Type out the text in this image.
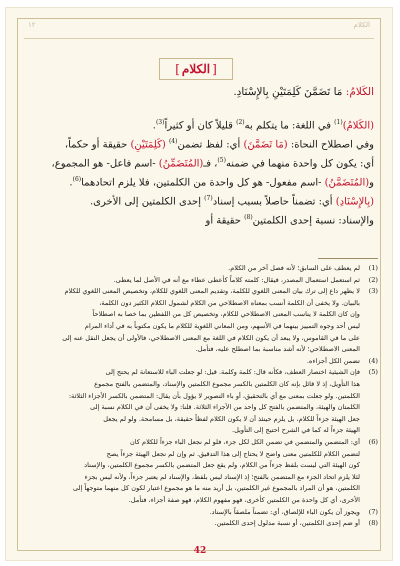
الكلام
١٢
[ الكلام ]
الكَلامُ: مَا تَضَمَّنَ كَلِمَتَيْنِ بِالإِسْنَادِ.
(الكَلامُ)$^{(1)}$ في اللغة: ما يتكلم به$^{(2)}$ قليلاً كان أو كثيراً$^{(3)}$.
وفي اصطلاح النحاة: (مَا تَضَمَّنَ) أي: لفظ تضمن$^{(4)}$ (كَلِمَتَيْنِ) حقيقة أو حكماً،
أي: يكون كل واحدة منهما في ضمنه$^{(5)}$، فـ(المُتَضَمِّنُ) -اسم فاعل- هو المجموع،
و(المُتَضَمَّنُ) -اسم مفعول- هو كل واحدة من الكلمتين، فلا يلزم اتحادهما$^{(6)}$.
(بِالإِسْنَادِ) أي: تضمناً حاصلاً بسبب إسناد$^{(7)}$ إحدى الكلمتين إلى الأخرى.
والإسناد: نسبة إحدى الكلمتين$^{(8)}$ حقيقة أو
لم يعطف على السابق؛ لأنه فصل آخر من الكلام. (1)
ثم استعمل استعمال المصدر، فيقال: كلمته كلاماً كأعطى عطاء مع أنه في الأصل لما يعطى. (2)
لا يظهر داع إلى ترك بيان المعنى اللغوي للكلمة، وتقديم المعنى اللغوي للكلام، وتخصيص المعنى اللغوي للكلام (3)
بالبيان. ولا يخفى أن الكلمة أنسب بمعناه الاصطلاحي من الكلام لشمول الكلام الكثير دون الكلمة،
وإن كان الكلمة لا يناسب المعنى الاصطلاحي للكلام، وتخصيص كل من اللفظين بما خصا به اصطلاحاً
ليس أحد وجوه التمييز بينهما في الأسهم، ومن المعاني اللغوية للكلام ما يكون مكتوباً به في أداء المرام
على ما في القاموس، ولا يبعد أن يكون الكلام في اللغة مع المعنى الاصطلاحي، فالأولى أن يجعل النقل عنه إلى
المعنى الاصطلاحي؛ لأنه أشد مناسبة بما اصطلح عليه، فتأمل.
تضمن الكل أجزاءه. (4)
فإن الشيئية اختصار العطف، فكأنه قال: كلمة وكلمة. قيل: لو جعلت الباء للاستعانة لم يحتج إلى (5)
هذا التأويل، إذ لا قائل بإنه كان الكلمتين بالكسر مجموع الكلمتين والإسناد، والمتضمن بالفتح مجموع
الكلمتين. ولو جعلت بمعنى مع أي بالتحقيق، أو باء التصوير لا يؤول بأن يقال: المتضمن بالكسر الأجزاء الثلاثة:
الكلمتان والهيئة، والمتضمن بالفتح كل واحد من الأجزاء الثلاثة. قلنا: ولا يخفى أن في الكلام نسبة إلى
جعل الهيئة جزءاً للكلام، بل يلزم حينئذ أن لا يكون الكلام لفظاً حقيقة، بل مسامحة. ولو لم يجعل
الهيئة جزءاً له كما في الشرح احتيج إلى التأويل.
أي: المتضمن والمتضمن في تضمن الكل لكل جزء، فلو لم نجعل الباء جزءاً للكلام كان (6)
لتضمن الكلام للكلمتين معنى واضح لا يحتاج إلى هذا التدقيق. ثم وإن لم نجعل الهيئة جزءاً يصح
كون الهيئة التي ليست بلفظ جزءاً من الكلام، ولم يقع جعل المتضمن بالكسر مجموع الكلمتين، والإسناد
لئلا يلزم اتحاد الجزء مع المتضمن بالفتح؛ إذ الإسناد ليس بلفظ، والإسناد لم يعتبر جزءاً، ولأنه ليس بجزء
الكلمتين، هو أن المراد بالمجموع غير الكلمتين، بل أريد منه ما هو مجموع اعتبار لكون كل منهما متوجهاً إلى
الأخرى، أي كل واحدة من الكلمتين كأخرى، فهو مفهوم الكلام، فهو صفة أجزاء، فتأمل.
ويجوز أن يكون الباء للإلصاق، أي: تضمناً ملصقاً بالإسناد. (7)
أو ضم إحدى الكلمتين، أو نسبة مدلول إحدى الكلمتين. (8)
42
